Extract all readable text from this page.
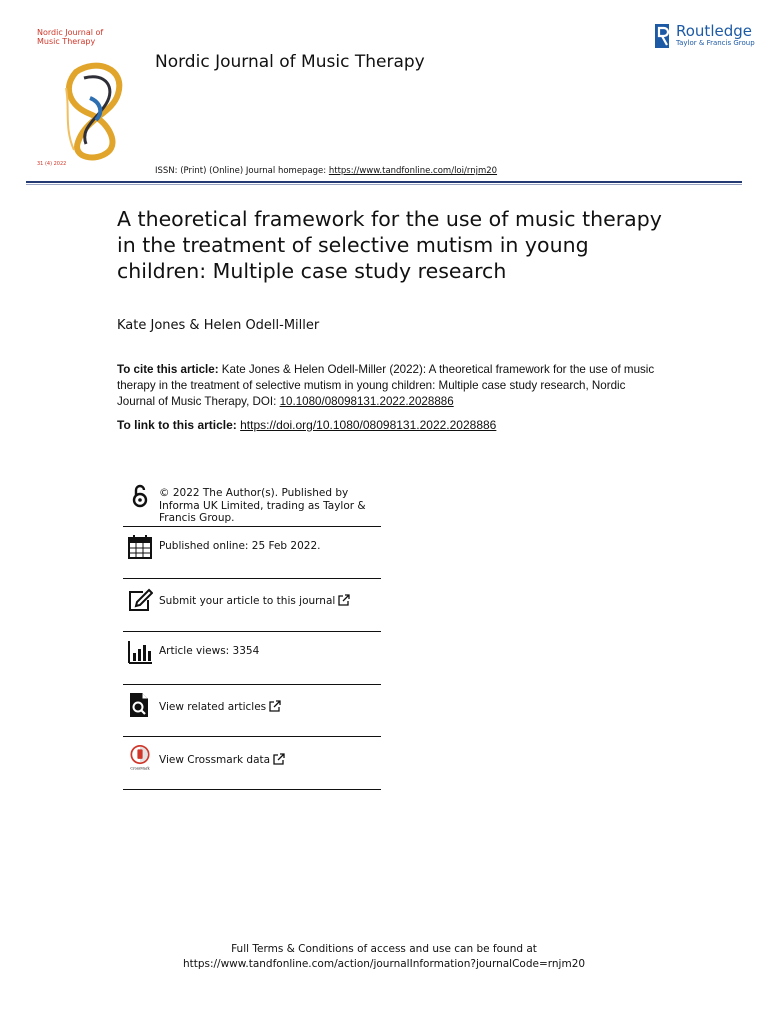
Nordic Journal of
Music Therapy
31 (4) 2022
Nordic Journal of Music Therapy
Routledge
Taylor & Francis Group
ISSN: (Print) (Online) Journal homepage: https://www.tandfonline.com/loi/rnjm20
A theoretical framework for the use of music therapy in the treatment of selective mutism in young children: Multiple case study research
Kate Jones & Helen Odell-Miller
To cite this article: Kate Jones & Helen Odell-Miller (2022): A theoretical framework for the use of music therapy in the treatment of selective mutism in young children: Multiple case study research, Nordic Journal of Music Therapy, DOI: 10.1080/08098131.2022.2028886
To link to this article: https://doi.org/10.1080/08098131.2022.2028886
© 2022 The Author(s). Published by Informa UK Limited, trading as Taylor & Francis Group.
Published online: 25 Feb 2022.
Submit your article to this journal
Article views: 3354
View related articles
CrossMark
View Crossmark data
Full Terms & Conditions of access and use can be found at
https://www.tandfonline.com/action/journalInformation?journalCode=rnjm20
